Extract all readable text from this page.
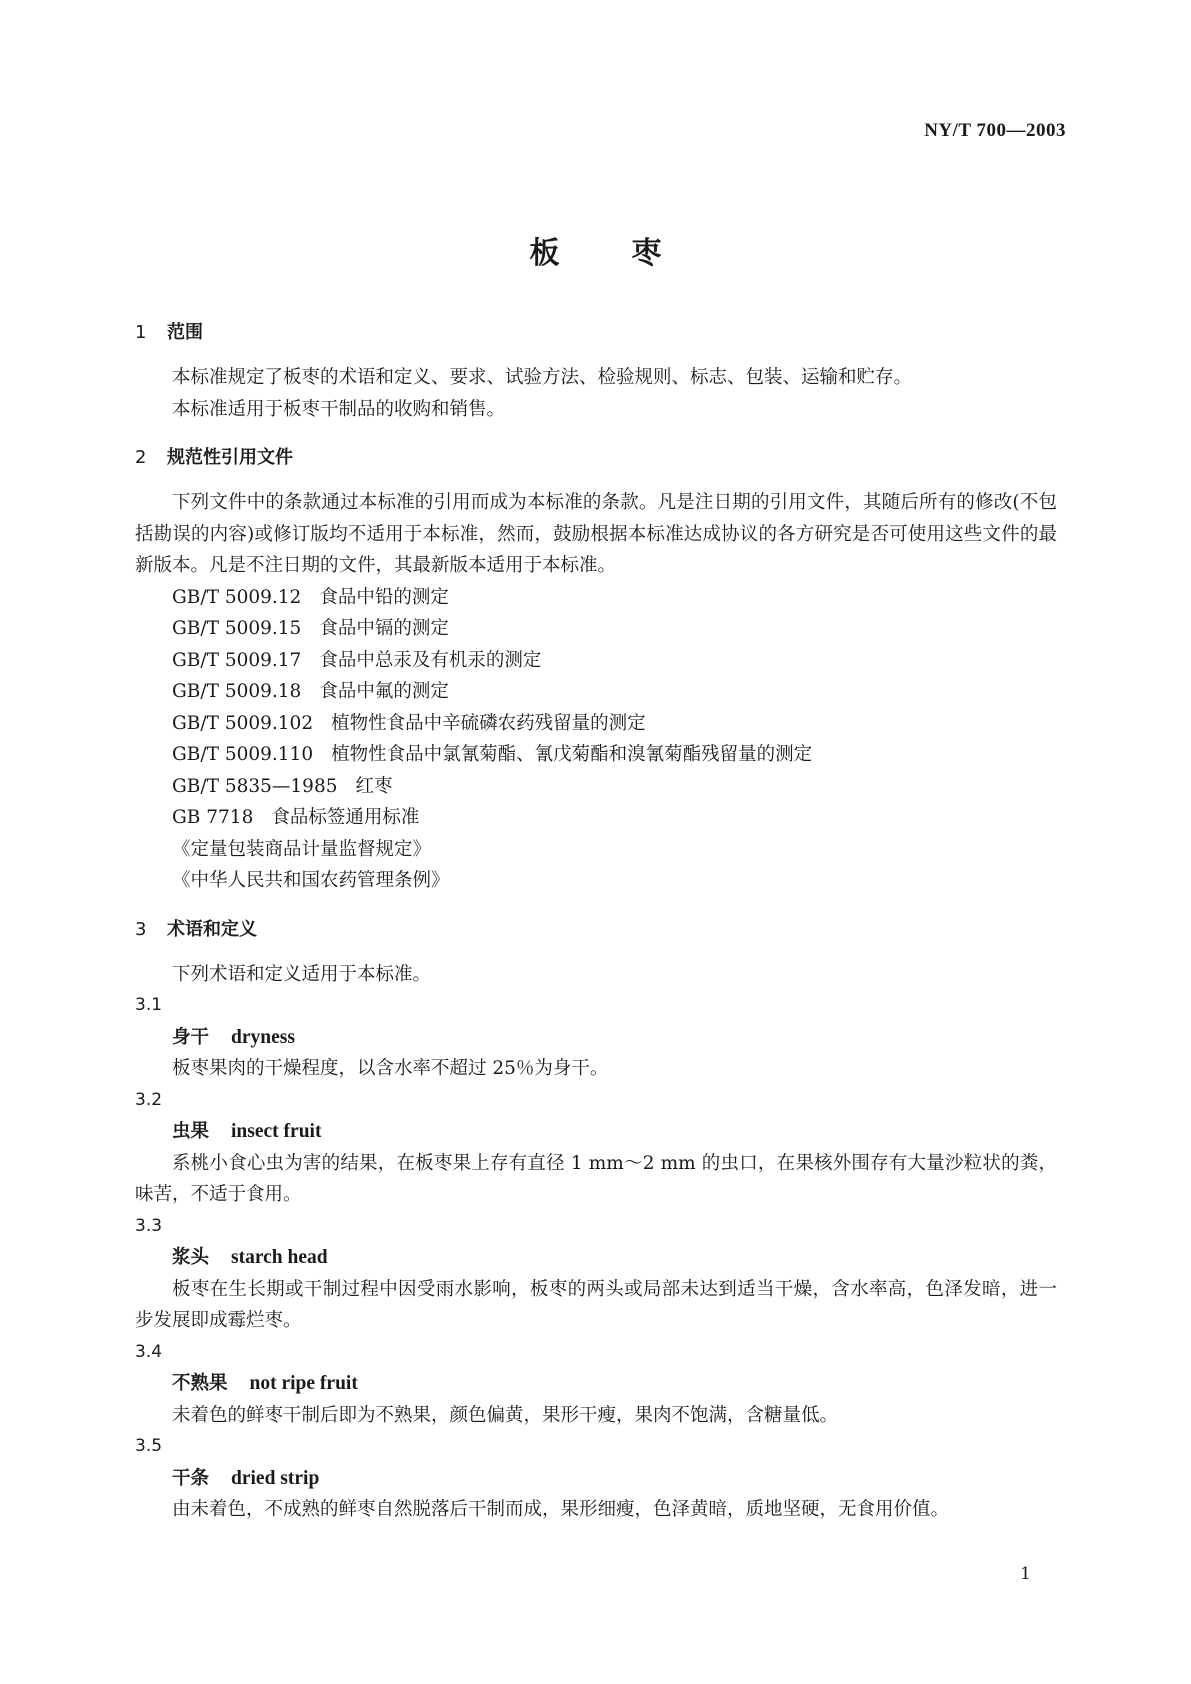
NY/T 700—2003
板 枣
1	范围

本标准规定了板枣的术语和定义、要求、试验方法、检验规则、标志、包装、运输和贮存。

本标准适用于板枣干制品的收购和销售。

2	规范性引用文件

下列文件中的条款通过本标准的引用而成为本标准的条款。凡是注日期的引用文件，其随后所有的修改(不包括勘误的内容)或修订版均不适用于本标准，然而，鼓励根据本标准达成协议的各方研究是否可使用这些文件的最新版本。凡是不注日期的文件，其最新版本适用于本标准。

GB/T 5009.12 食品中铅的测定
GB/T 5009.15 食品中镉的测定
GB/T 5009.17 食品中总汞及有机汞的测定
GB/T 5009.18 食品中氟的测定
GB/T 5009.102 植物性食品中辛硫磷农药残留量的测定
GB/T 5009.110 植物性食品中氯氰菊酯、氰戊菊酯和溴氰菊酯残留量的测定
GB/T 5835—1985 红枣
GB 7718 食品标签通用标准
《定量包装商品计量监督规定》
《中华人民共和国农药管理条例》
3	术语和定义

下列术语和定义适用于本标准。

3.1
身干 dryness

板枣果肉的干燥程度，以含水率不超过 25％为身干。

3.2
虫果 insect fruit

系桃小食心虫为害的结果，在板枣果上存有直径 1 mm～2 mm 的虫口，在果核外围存有大量沙粒状的粪，味苦，不适于食用。

3.3
浆头 starch head

板枣在生长期或干制过程中因受雨水影响，板枣的两头或局部未达到适当干燥，含水率高，色泽发暗，进一步发展即成霉烂枣。

3.4
不熟果 not ripe fruit

未着色的鲜枣干制后即为不熟果，颜色偏黄，果形干瘦，果肉不饱满，含糖量低。

3.5
干条 dried strip

由未着色，不成熟的鲜枣自然脱落后干制而成，果形细瘦，色泽黄暗，质地坚硬，无食用价值。

1
